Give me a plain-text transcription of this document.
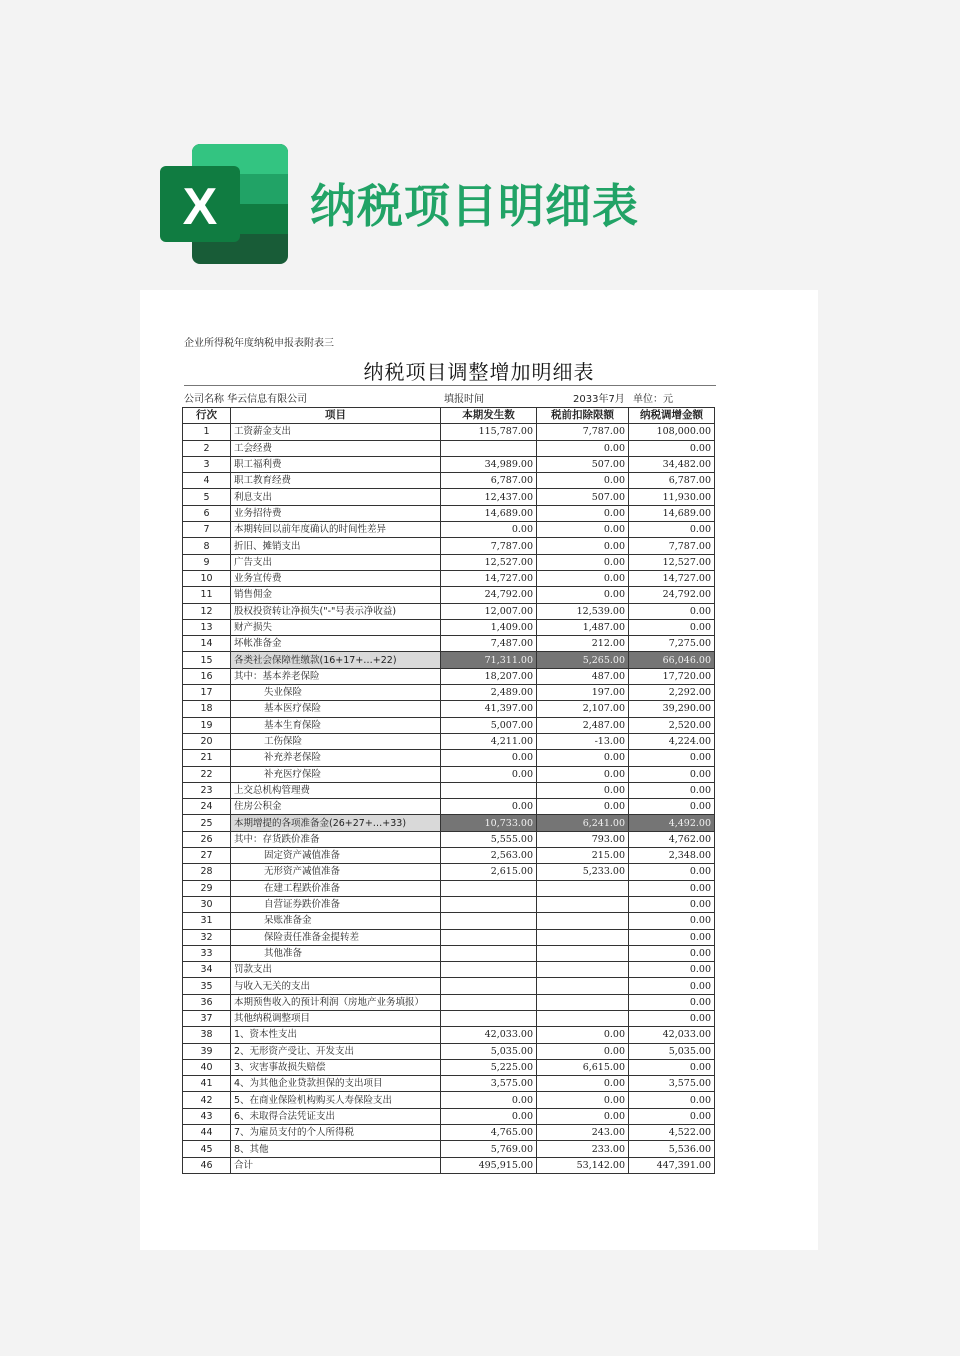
X 纳税项目明细表
企业所得税年度纳税申报表附表三
纳税项目调整增加明细表
公司名称 华云信息有限公司	填报时间	2033年7月 单位：元
行次	项目	本期发生数	税前扣除限额	纳税调增金额
1	工资薪金支出	115,787.00	7,787.00	108,000.00
2	工会经费		0.00	0.00
3	职工福利费	34,989.00	507.00	34,482.00
4	职工教育经费	6,787.00	0.00	6,787.00
5	利息支出	12,437.00	507.00	11,930.00
6	业务招待费	14,689.00	0.00	14,689.00
7	本期转回以前年度确认的时间性差异	0.00	0.00	0.00
8	折旧、摊销支出	7,787.00	0.00	7,787.00
9	广告支出	12,527.00	0.00	12,527.00
10	业务宣传费	14,727.00	0.00	14,727.00
11	销售佣金	24,792.00	0.00	24,792.00
12	股权投资转让净损失("-"号表示净收益)	12,007.00	12,539.00	0.00
13	财产损失	1,409.00	1,487.00	0.00
14	坏帐准备金	7,487.00	212.00	7,275.00
15	各类社会保障性缴款(16+17+…+22)	71,311.00	5,265.00	66,046.00
16	其中：基本养老保险	18,207.00	487.00	17,720.00
17	失业保险	2,489.00	197.00	2,292.00
18	基本医疗保险	41,397.00	2,107.00	39,290.00
19	基本生育保险	5,007.00	2,487.00	2,520.00
20	工伤保险	4,211.00	-13.00	4,224.00
21	补充养老保险	0.00	0.00	0.00
22	补充医疗保险	0.00	0.00	0.00
23	上交总机构管理费		0.00	0.00
24	住房公积金	0.00	0.00	0.00
25	本期增提的各项准备金(26+27+…+33)	10,733.00	6,241.00	4,492.00
26	其中：存货跌价准备	5,555.00	793.00	4,762.00
27	固定资产减值准备	2,563.00	215.00	2,348.00
28	无形资产减值准备	2,615.00	5,233.00	0.00
29	在建工程跌价准备			0.00
30	自营证券跌价准备			0.00
31	呆账准备金			0.00
32	保险责任准备金提转差			0.00
33	其他准备			0.00
34	罚款支出			0.00
35	与收入无关的支出			0.00
36	本期预售收入的预计利润（房地产业务填报）			0.00
37	其他纳税调整项目			0.00
38	1、资本性支出	42,033.00	0.00	42,033.00
39	2、无形资产受让、开发支出	5,035.00	0.00	5,035.00
40	3、灾害事故损失赔偿	5,225.00	6,615.00	0.00
41	4、为其他企业贷款担保的支出项目	3,575.00	0.00	3,575.00
42	5、在商业保险机构购买人寿保险支出	0.00	0.00	0.00
43	6、未取得合法凭证支出	0.00	0.00	0.00
44	7、为雇员支付的个人所得税	4,765.00	243.00	4,522.00
45	8、其他	5,769.00	233.00	5,536.00
46	合计	495,915.00	53,142.00	447,391.00
